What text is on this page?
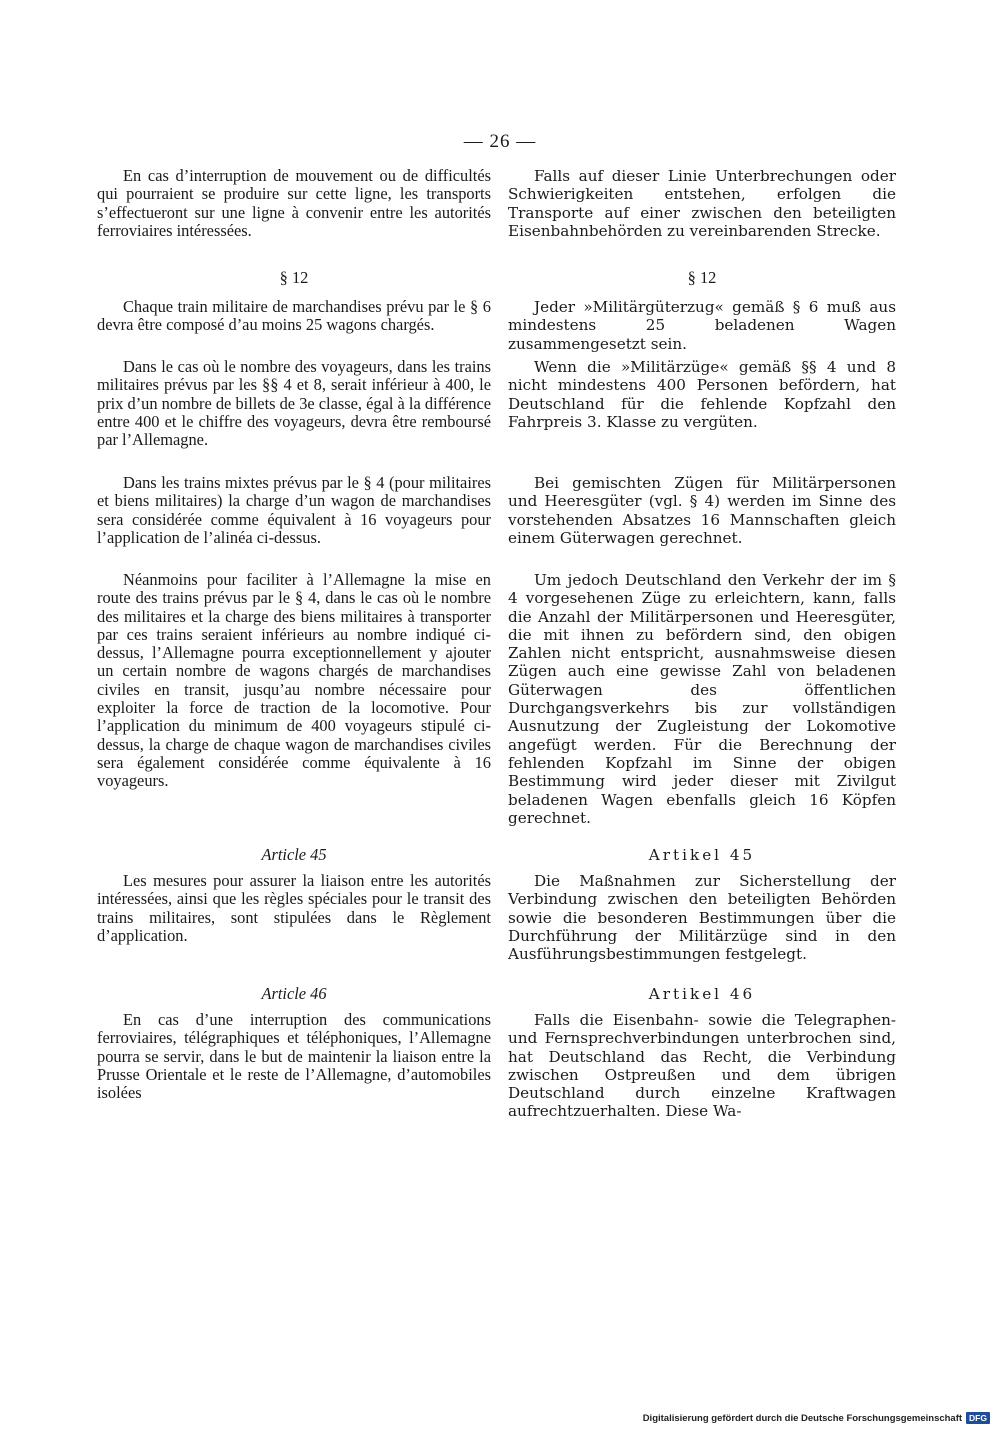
— 26 —

En cas d’interruption de mouvement ou de difficultés qui pourraient se produire sur cette ligne, les transports s’effectueront sur une ligne à convenir entre les autorités ferroviaires intéressées.

§ 12

Chaque train militaire de marchandises prévu par le § 6 devra être composé d’au moins 25 wagons chargés.

Dans le cas où le nombre des voyageurs, dans les trains militaires prévus par les §§ 4 et 8, serait inférieur à 400, le prix d’un nombre de billets de 3e classe, égal à la différence entre 400 et le chiffre des voyageurs, devra être remboursé par l’Allemagne.

Dans les trains mixtes prévus par le § 4 (pour militaires et biens militaires) la charge d’un wagon de marchandises sera considérée comme équivalent à 16 voyageurs pour l’application de l’alinéa ci-dessus.

Néanmoins pour faciliter à l’Allemagne la mise en route des trains prévus par le § 4, dans le cas où le nombre des militaires et la charge des biens militaires à transporter par ces trains seraient inférieurs au nombre indiqué ci-dessus, l’Allemagne pourra exceptionnellement y ajouter un certain nombre de wagons chargés de marchandises civiles en transit, jusqu’au nombre nécessaire pour exploiter la force de traction de la locomotive. Pour l’application du minimum de 400 voyageurs stipulé ci-dessus, la charge de chaque wagon de marchandises civiles sera également considérée comme équivalente à 16 voyageurs.

Article 45

Les mesures pour assurer la liaison entre les autorités intéressées, ainsi que les règles spéciales pour le transit des trains militaires, sont stipulées dans le Règlement d’application.

Article 46

En cas d’une interruption des communications ferroviaires, télégraphiques et téléphoniques, l’Allemagne pourra se servir, dans le but de maintenir la liaison entre la Prusse Orientale et le reste de l’Allemagne, d’automobiles isolées

Falls auf dieser Linie Unterbrechungen oder Schwierigkeiten entstehen, erfolgen die Transporte auf einer zwischen den beteiligten Eisenbahnbehörden zu vereinbarenden Strecke.

§ 12

Jeder »Militärgüterzug« gemäß § 6 muß aus mindestens 25 beladenen Wagen zusammengesetzt sein.

Wenn die »Militärzüge« gemäß §§ 4 und 8 nicht mindestens 400 Personen befördern, hat Deutschland für die fehlende Kopfzahl den Fahrpreis 3. Klasse zu vergüten.

Bei gemischten Zügen für Militärpersonen und Heeresgüter (vgl. § 4) werden im Sinne des vorstehenden Absatzes 16 Mannschaften gleich einem Güterwagen gerechnet.

Um jedoch Deutschland den Verkehr der im § 4 vorgesehenen Züge zu erleichtern, kann, falls die Anzahl der Militärpersonen und Heeresgüter, die mit ihnen zu befördern sind, den obigen Zahlen nicht entspricht, ausnahmsweise diesen Zügen auch eine gewisse Zahl von beladenen Güterwagen des öffentlichen Durchgangsverkehrs bis zur vollständigen Ausnutzung der Zugleistung der Lokomotive angefügt werden. Für die Berechnung der fehlenden Kopfzahl im Sinne der obigen Bestimmung wird jeder dieser mit Zivilgut beladenen Wagen ebenfalls gleich 16 Köpfen gerechnet.

Artikel 45

Die Maßnahmen zur Sicherstellung der Verbindung zwischen den beteiligten Behörden sowie die besonderen Bestimmungen über die Durchführung der Militärzüge sind in den Ausführungsbestimmungen festgelegt.

Artikel 46

Falls die Eisenbahn- sowie die Telegraphen- und Fernsprechverbindungen unterbrochen sind, hat Deutschland das Recht, die Verbindung zwischen Ostpreußen und dem übrigen Deutschland durch einzelne Kraftwagen aufrechtzuerhalten. Diese Wa-

Digitalisierung gefördert durch die Deutsche Forschungsgemeinschaft DFG
